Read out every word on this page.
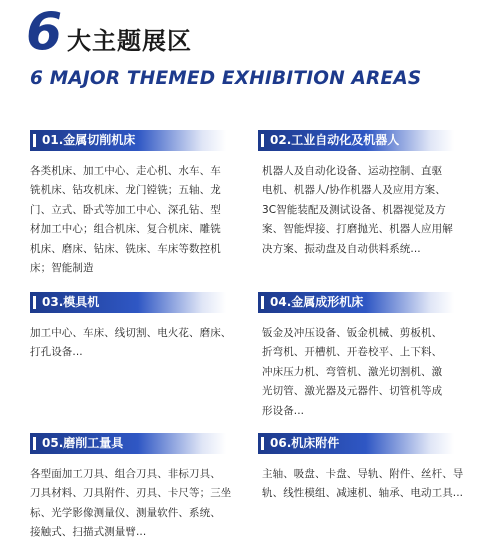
6 大主题展区
6 MAJOR THEMED EXHIBITION AREAS
01.金属切削机床
各类机床、加工中心、走心机、水车、车
铣机床、钻攻机床、龙门镗铣；五轴、龙
门、立式、卧式等加工中心、深孔钻、型
材加工中心；组合机床、复合机床、雕铣
机床、磨床、钻床、铣床、车床等数控机
床；智能制造
02.工业自动化及机器人
机器人及自动化设备、运动控制、直驱
电机、机器人/协作机器人及应用方案、
3C智能装配及测试设备、机器视觉及方
案、智能焊接、打磨抛光、机器人应用解
决方案、振动盘及自动供料系统...
03.模具机
加工中心、车床、线切割、电火花、磨床、
打孔设备...
04.金属成形机床
钣金及冲压设备、钣金机械、剪板机、
折弯机、开槽机、开卷校平、上下料、
冲床压力机、弯管机、激光切割机、激
光切管、激光器及元器件、切管机等成
形设备...
05.磨削工量具
各型面加工刀具、组合刀具、非标刀具、
刀具材料、刀具附件、刃具、卡尺等；三坐
标、光学影像测量仪、测量软件、系统、
接触式、扫描式测量臂...
06.机床附件
主轴、吸盘、卡盘、导轨、附件、丝杆、导
轨、线性模组、减速机、轴承、电动工具...
